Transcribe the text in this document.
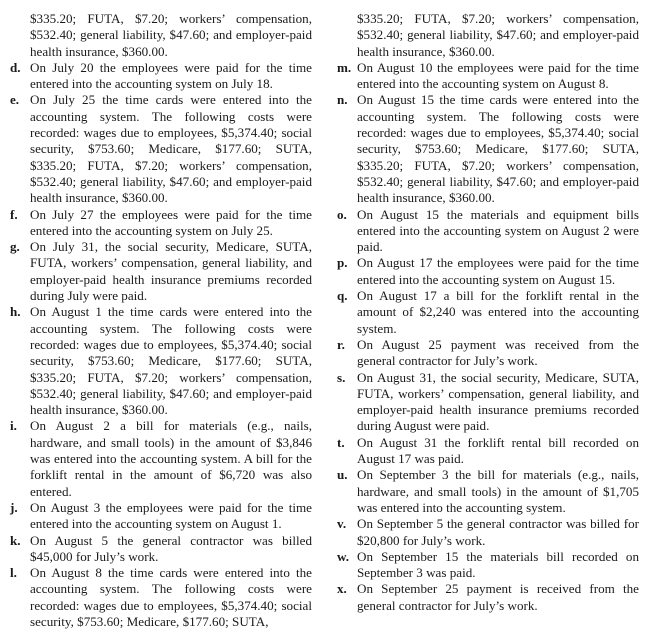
$335.20; FUTA, $7.20; workers’ compensation, $532.40; general liability, $47.60; and employer-paid health insurance, $360.00.

d. On July 20 the employees were paid for the time entered into the accounting system on July 18.

e. On July 25 the time cards were entered into the accounting system. The following costs were recorded: wages due to employees, $5,374.40; social security, $753.60; Medicare, $177.60; SUTA, $335.20; FUTA, $7.20; workers’ compensation, $532.40; general liability, $47.60; and employer-paid health insurance, $360.00.

f. On July 27 the employees were paid for the time entered into the accounting system on July 25.

g. On July 31, the social security, Medicare, SUTA, FUTA, workers’ compensation, general liability, and employer-paid health insurance premiums recorded during July were paid.

h. On August 1 the time cards were entered into the accounting system. The following costs were recorded: wages due to employees, $5,374.40; social security, $753.60; Medicare, $177.60; SUTA, $335.20; FUTA, $7.20; workers’ compensation, $532.40; general liability, $47.60; and employer-paid health insurance, $360.00.

i. On August 2 a bill for materials (e.g., nails, hardware, and small tools) in the amount of $3,846 was entered into the accounting system. A bill for the forklift rental in the amount of $6,720 was also entered.

j. On August 3 the employees were paid for the time entered into the accounting system on August 1.

k. On August 5 the general contractor was billed $45,000 for July’s work.

l. On August 8 the time cards were entered into the accounting system. The following costs were recorded: wages due to employees, $5,374.40; social security, $753.60; Medicare, $177.60; SUTA,

$335.20; FUTA, $7.20; workers’ compensation, $532.40; general liability, $47.60; and employer-paid health insurance, $360.00.

m. On August 10 the employees were paid for the time entered into the accounting system on August 8.

n. On August 15 the time cards were entered into the accounting system. The following costs were recorded: wages due to employees, $5,374.40; social security, $753.60; Medicare, $177.60; SUTA, $335.20; FUTA, $7.20; workers’ compensation, $532.40; general liability, $47.60; and employer-paid health insurance, $360.00.

o. On August 15 the materials and equipment bills entered into the accounting system on August 2 were paid.

p. On August 17 the employees were paid for the time entered into the accounting system on August 15.

q. On August 17 a bill for the forklift rental in the amount of $2,240 was entered into the accounting system.

r. On August 25 payment was received from the general contractor for July’s work.

s. On August 31, the social security, Medicare, SUTA, FUTA, workers’ compensation, general liability, and employer-paid health insurance premiums recorded during August were paid.

t. On August 31 the forklift rental bill recorded on August 17 was paid.

u. On September 3 the bill for materials (e.g., nails, hardware, and small tools) in the amount of $1,705 was entered into the accounting system.

v. On September 5 the general contractor was billed for $20,800 for July’s work.

w. On September 15 the materials bill recorded on September 3 was paid.

x. On September 25 payment is received from the general contractor for July’s work.
